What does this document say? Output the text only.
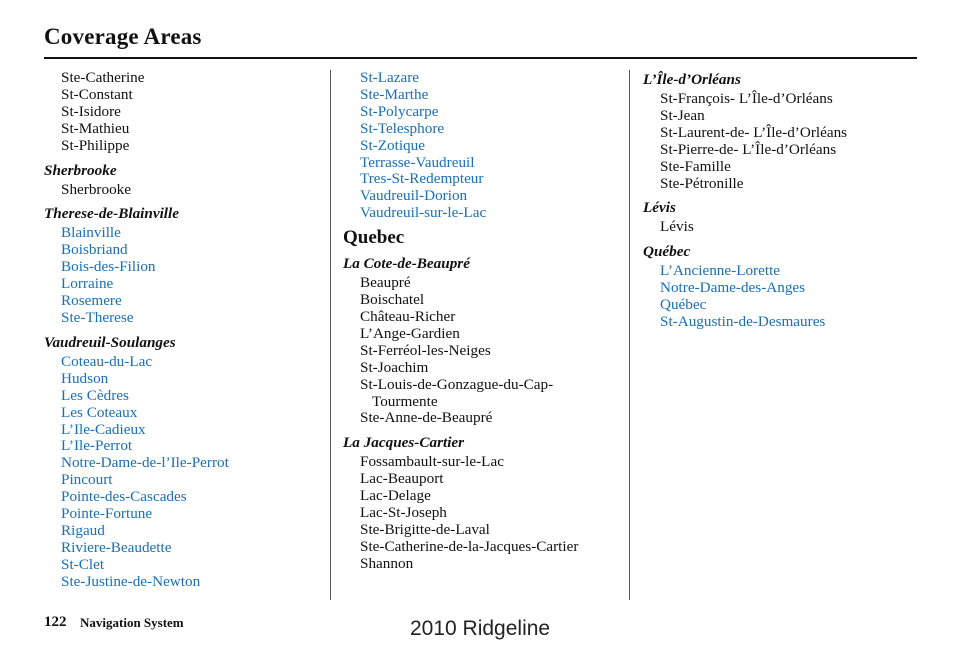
Coverage Areas
Ste-Catherine
St-Constant
St-Isidore
St-Mathieu
St-Philippe
Sherbrooke
Sherbrooke
Therese-de-Blainville
Blainville
Boisbriand
Bois-des-Filion
Lorraine
Rosemere
Ste-Therese
Vaudreuil-Soulanges
Coteau-du-Lac
Hudson
Les Cèdres
Les Coteaux
L’Ile-Cadieux
L’Ile-Perrot
Notre-Dame-de-l’Ile-Perrot
Pincourt
Pointe-des-Cascades
Pointe-Fortune
Rigaud
Riviere-Beaudette
St-Clet
Ste-Justine-de-Newton
St-Lazare
Ste-Marthe
St-Polycarpe
St-Telesphore
St-Zotique
Terrasse-Vaudreuil
Tres-St-Redempteur
Vaudreuil-Dorion
Vaudreuil-sur-le-Lac
Quebec
La Cote-de-Beaupré
Beaupré
Boischatel
Château-Richer
L’Ange-Gardien
St-Ferréol-les-Neiges
St-Joachim
St-Louis-de-Gonzague-du-Cap-
Tourmente
Ste-Anne-de-Beaupré
La Jacques-Cartier
Fossambault-sur-le-Lac
Lac-Beauport
Lac-Delage
Lac-St-Joseph
Ste-Brigitte-de-Laval
Ste-Catherine-de-la-Jacques-Cartier
Shannon
L’Île-d’Orléans
St-François- L’Île-d’Orléans
St-Jean
St-Laurent-de- L’Île-d’Orléans
St-Pierre-de- L’Île-d’Orléans
Ste-Famille
Ste-Pétronille
Lévis
Lévis
Québec
L’Ancienne-Lorette
Notre-Dame-des-Anges
Québec
St-Augustin-de-Desmaures
122 Navigation System	2010 Ridgeline
